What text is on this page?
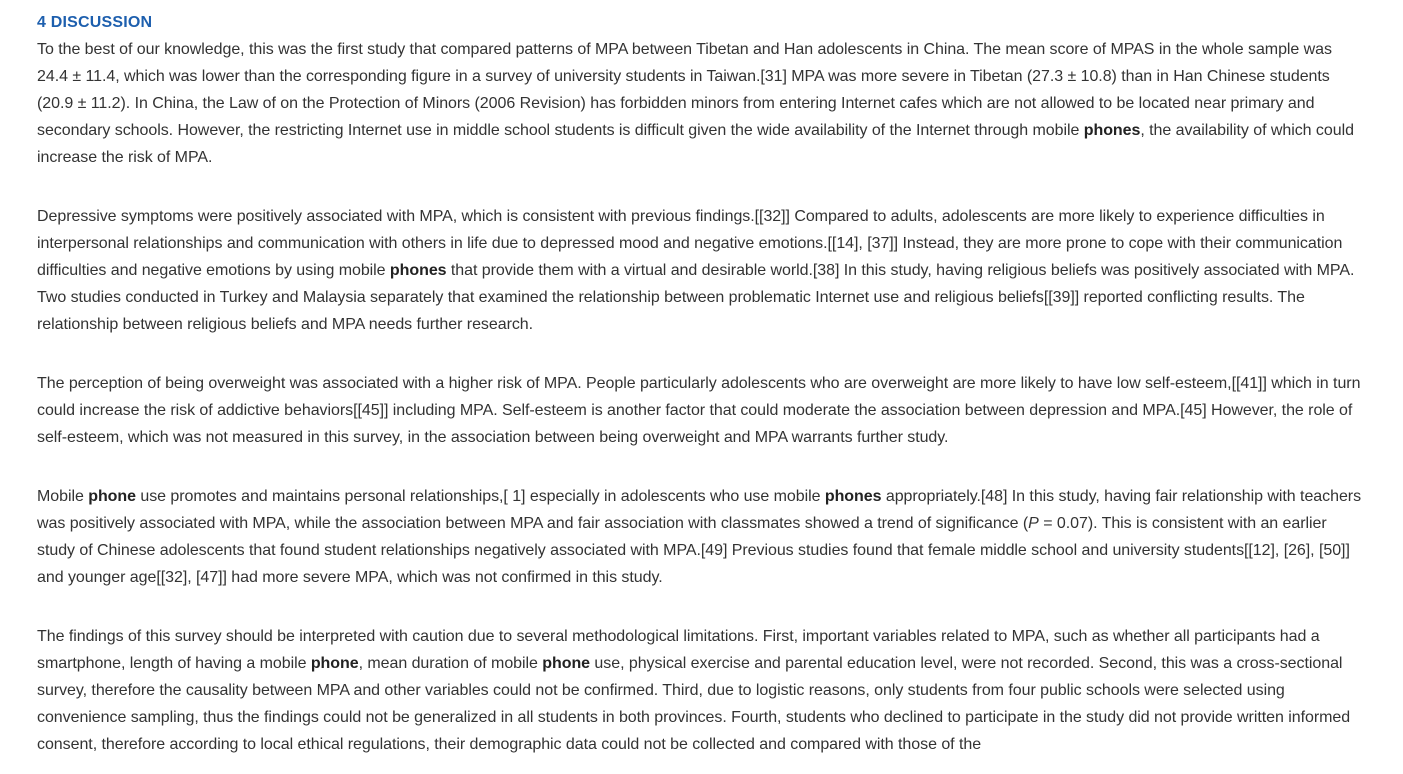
4 DISCUSSION

To the best of our knowledge, this was the first study that compared patterns of MPA between Tibetan and Han adolescents in China. The mean score of MPAS in the whole sample was 24.4 ± 11.4, which was lower than the corresponding figure in a survey of university students in Taiwan.[31] MPA was more severe in Tibetan (27.3 ± 10.8) than in Han Chinese students (20.9 ± 11.2). In China, the Law of on the Protection of Minors (2006 Revision) has forbidden minors from entering Internet cafes which are not allowed to be located near primary and secondary schools. However, the restricting Internet use in middle school students is difficult given the wide availability of the Internet through mobile phones, the availability of which could increase the risk of MPA.

Depressive symptoms were positively associated with MPA, which is consistent with previous findings.[[32]] Compared to adults, adolescents are more likely to experience difficulties in interpersonal relationships and communication with others in life due to depressed mood and negative emotions.[[14], [37]] Instead, they are more prone to cope with their communication difficulties and negative emotions by using mobile phones that provide them with a virtual and desirable world.[38] In this study, having religious beliefs was positively associated with MPA. Two studies conducted in Turkey and Malaysia separately that examined the relationship between problematic Internet use and religious beliefs[[39]] reported conflicting results. The relationship between religious beliefs and MPA needs further research.

The perception of being overweight was associated with a higher risk of MPA. People particularly adolescents who are overweight are more likely to have low self-esteem,[[41]] which in turn could increase the risk of addictive behaviors[[45]] including MPA. Self-esteem is another factor that could moderate the association between depression and MPA.[45] However, the role of self-esteem, which was not measured in this survey, in the association between being overweight and MPA warrants further study.

Mobile phone use promotes and maintains personal relationships,[ 1] especially in adolescents who use mobile phones appropriately.[48] In this study, having fair relationship with teachers was positively associated with MPA, while the association between MPA and fair association with classmates showed a trend of significance (P = 0.07). This is consistent with an earlier study of Chinese adolescents that found student relationships negatively associated with MPA.[49] Previous studies found that female middle school and university students[[12], [26], [50]] and younger age[[32], [47]] had more severe MPA, which was not confirmed in this study.

The findings of this survey should be interpreted with caution due to several methodological limitations. First, important variables related to MPA, such as whether all participants had a smartphone, length of having a mobile phone, mean duration of mobile phone use, physical exercise and parental education level, were not recorded. Second, this was a cross-sectional survey, therefore the causality between MPA and other variables could not be confirmed. Third, due to logistic reasons, only students from four public schools were selected using convenience sampling, thus the findings could not be generalized in all students in both provinces. Fourth, students who declined to participate in the study did not provide written informed consent, therefore according to local ethical regulations, their demographic data could not be collected and compared with those of the
